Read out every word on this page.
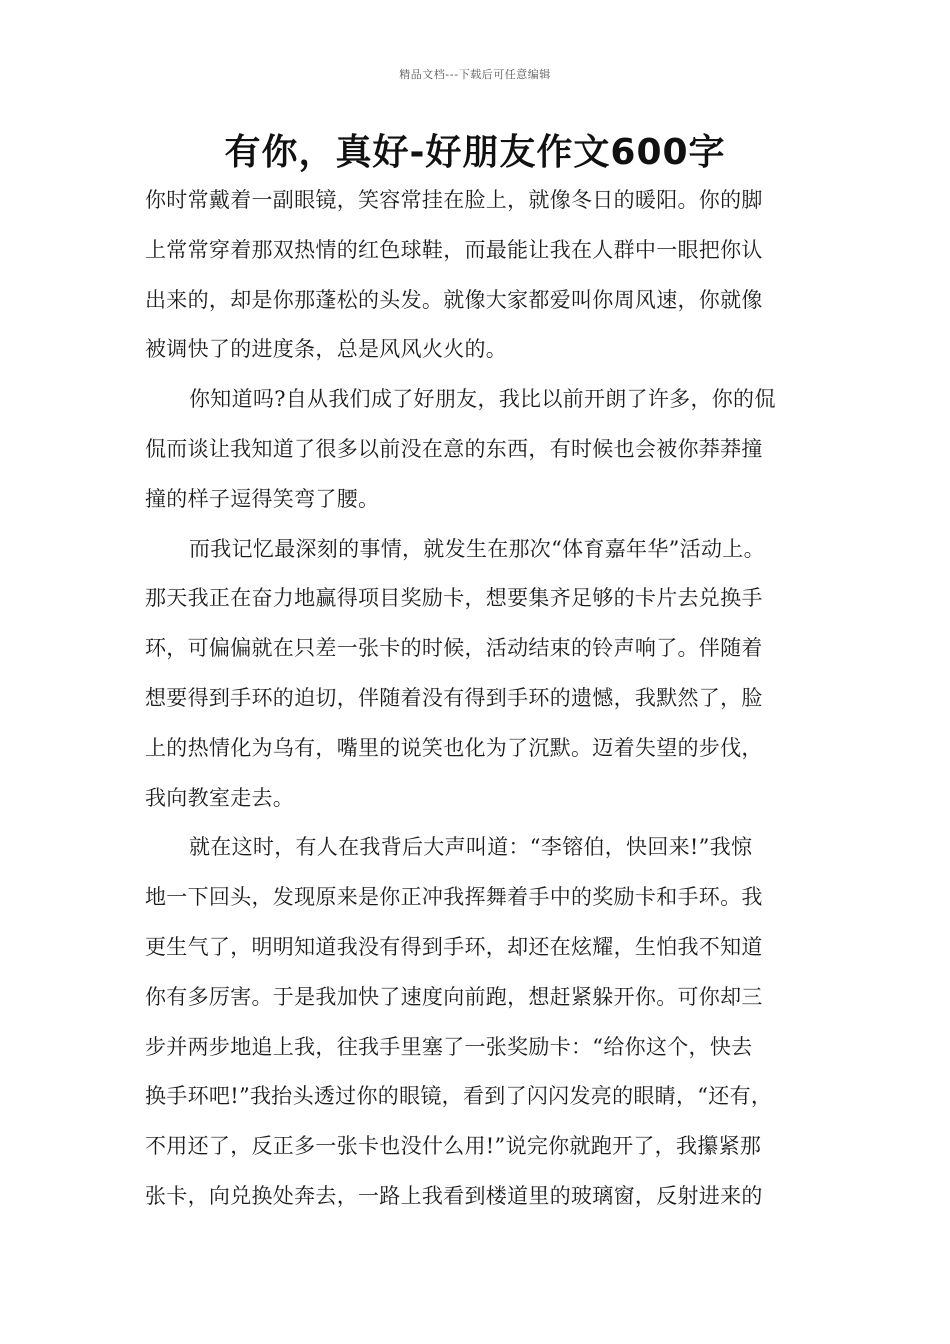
精品文档---下载后可任意编辑
有你，真好-好朋友作文600字
你时常戴着一副眼镜，笑容常挂在脸上，就像冬日的暖阳。你的脚
上常常穿着那双热情的红色球鞋，而最能让我在人群中一眼把你认
出来的，却是你那蓬松的头发。就像大家都爱叫你周风速，你就像
被调快了的进度条，总是风风火火的。
你知道吗?自从我们成了好朋友，我比以前开朗了许多，你的侃
侃而谈让我知道了很多以前没在意的东西，有时候也会被你莽莽撞
撞的样子逗得笑弯了腰。
而我记忆最深刻的事情，就发生在那次“体育嘉年华”活动上。
那天我正在奋力地赢得项目奖励卡，想要集齐足够的卡片去兑换手
环，可偏偏就在只差一张卡的时候，活动结束的铃声响了。伴随着
想要得到手环的迫切，伴随着没有得到手环的遗憾，我默然了，脸
上的热情化为乌有，嘴里的说笑也化为了沉默。迈着失望的步伐，
我向教室走去。
就在这时，有人在我背后大声叫道：“李镕伯，快回来!”我惊
地一下回头，发现原来是你正冲我挥舞着手中的奖励卡和手环。我
更生气了，明明知道我没有得到手环，却还在炫耀，生怕我不知道
你有多厉害。于是我加快了速度向前跑，想赶紧躲开你。可你却三
步并两步地追上我，往我手里塞了一张奖励卡：“给你这个，快去
换手环吧!”我抬头透过你的眼镜，看到了闪闪发亮的眼睛，“还有，
不用还了，反正多一张卡也没什么用!”说完你就跑开了，我攥紧那
张卡，向兑换处奔去，一路上我看到楼道里的玻璃窗，反射进来的
